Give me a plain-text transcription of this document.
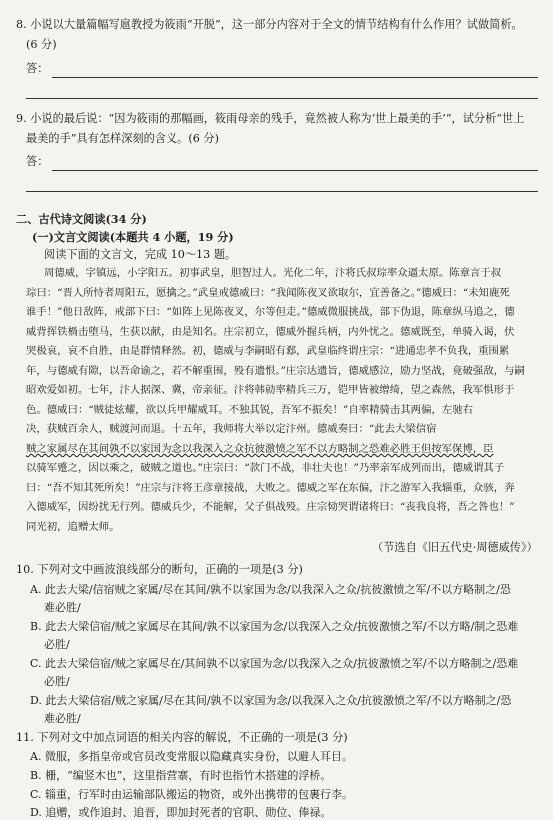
8. 小说以大量篇幅写扈教授为筱雨“开脱”，这一部分内容对于全文的情节结构有什么作用？试做简析。
(6 分)
答：
9. 小说的最后说：“因为筱雨的那幅画，筱雨母亲的残手，竟然被人称为‘世上最美的手’”，试分析“世上
最美的手”具有怎样深刻的含义。(6 分)
答：
二、古代诗文阅读(34 分)
(一)文言文阅读(本题共 4 小题，19 分)
阅读下面的文言文，完成 10～13 题。
周德威，字镇远，小字阳五。初事武皇，胆智过人。光化二年，汴将氏叔琮率众逼太原。陈章言于叔
琮曰：“晋人所恃者周阳五，愿擒之。”武皇戒德威曰：“我闻陈夜叉欲取尔，宜善备之。”德威曰：“未知鹿死
谁手！”他日敌阵，戒部下曰：“如阵上见陈夜叉，尔等但走。”德威微服挑战，部下伪退，陈章纵马追之，德
威背挥铁楇击堕马，生获以献，由是知名。庄宗初立，德威外握兵柄，内外忧之。德威既至，单骑入谒，伏
哭极哀，哀不自胜，由是群情释然。初，德威与李嗣昭有郄，武皇临终谓庄宗：“进通忠孝不负我，重围累
年，与德威有隙，以吾命谕之，若不解重围，殁有遗恨。”庄宗达遗旨，德威感泣，励力坚战，竟破强敌，与嗣
昭欢爱如初。七年，汴人据深、冀，帝亲征。汴将韩勍率精兵三万，铠甲皆被缯绮，望之森然，我军惧形于
色。德威曰：“贼徒炫耀，欲以兵甲耀威耳。不独其锐，吾军不振矣！”自率精骑击其两偏，左驰右
决，获贼百余人，贼渡河而退。十五年，我师将大举以定汴州。德威奏曰：“此去大梁信宿
贼之家属尽在其间孰不以家国为念以我深入之众抗彼激愤之军不以方略制之恐难必胜王但按军保博，臣
以骑军蹙之，因以乘之，破贼之道也。”庄宗曰：“款门不战，非壮夫也！”乃率亲军成列而出，德威谓其子
曰：“吾不知其死所矣！”庄宗与汴将王彦章接战，大败之。德威之军在东偏，汴之游军入我辎重，众骇，奔
入德威军，因纷扰无行列。德威兵少，不能解，父子俱战殁。庄宗恸哭谓诸将曰：“丧我良将，吾之咎也！”
同光初，追赠太师。
（节选自《旧五代史·周德威传》）
10. 下列对文中画波浪线部分的断句，正确的一项是(3 分)
A. 此去大梁/信宿贼之家属/尽在其间/孰不以家国为念/以我深入之众/抗彼激愤之军/不以方略制之/恐
难必胜/
B. 此去大梁信宿/贼之家属尽在其间/孰不以家国为念/以我深入之众/抗彼激愤之军/不以方略/制之恐难
必胜/
C. 此去大梁信宿/贼之家属尽在/其间孰不以家国为念/以我深入之众/抗彼激愤之军/不以方略制之/恐难
必胜/
D. 此去大梁信宿/贼之家属/尽在其间/孰不以家国为念/以我深入之众/抗彼激愤之军/不以方略制之/恐
难必胜/
11. 下列对文中加点词语的相关内容的解说，不正确的一项是(3 分)
A. 微服，多指皇帝或官员改变常服以隐藏真实身份，以避人耳目。
B. 栅，“编竖木也”，这里指营寨，有时也指竹木搭建的浮桥。
C. 辎重，行军时由运输部队搬运的物资，或外出携带的包裹行李。
D. 追赠，或作追封、追晋，即加封死者的官职、勋位、俸禄。
